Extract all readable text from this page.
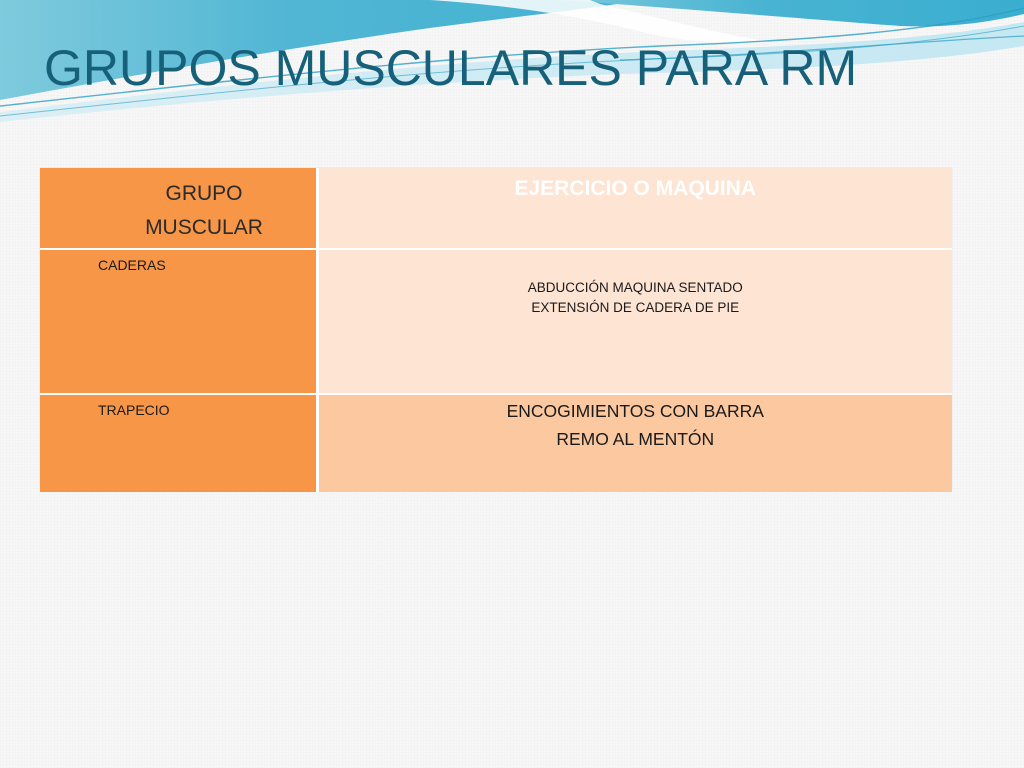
GRUPOS MUSCULARES PARA RM
GRUPO
MUSCULAR	EJERCICIO O MAQUINA

CADERAS	ABDUCCIÓN MAQUINA SENTADO
EXTENSIÓN DE CADERA DE PIE

TRAPECIO	ENCOGIMIENTOS CON BARRA
REMO AL MENTÓN
